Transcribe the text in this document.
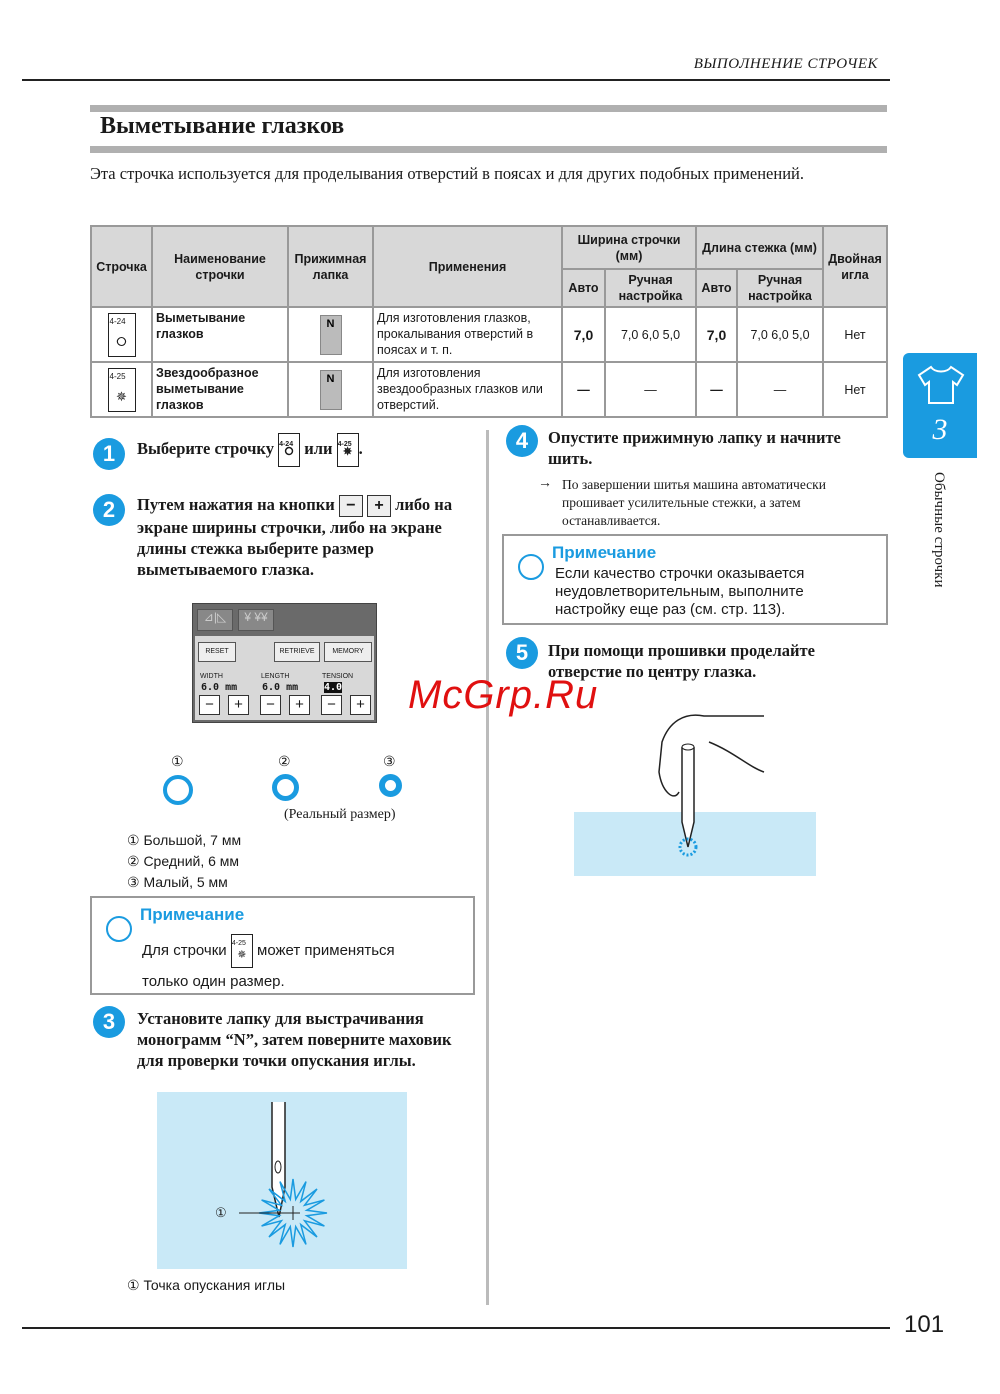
ВЫПОЛНЕНИЕ СТРОЧЕК
Выметывание глазков
Эта строчка используется для проделывания отверстий в поясах и для других подобных применений.
Строчка	Наименование строчки	Прижимная лапка	Применения	Ширина строчки (мм)		Длина стежка (мм)		Двойная игла
				Авто	Ручная настройка	Авто	Ручная настройка	

4-24
⭘	Выметывание глазков	N	Для изготовления глазков, прокалывания отверстий в поясах и т. п.	7,0	7,0 6,0 5,0	7,0	7,0 6,0 5,0	Нет

4-25
✵	Звездообразное выметывание глазков	N	Для изготовления звездообразных глазков или отверстий.	—	—	—	—	Нет
1	Выберите строчку 4-24
⭘ или 4-25
✵ .
2	Путем нажатия на кнопки − + либо на
экране ширины строчки, либо на экране длины стежка выберите размер выметываемого глазка.
⊿|◺	¥ ¥¥
RESET	RETRIEVE	MEMORY
WIDTH
6.0 mm
LENGTH
6.0 mm
TENSION
4.0
−	+	−	+	−	+
①	②	③
(Реальный размер)
① Большой, 7 мм
② Средний, 6 мм
③ Малый, 5 мм
Примечание
Для строчки 4-25
✵ может применяться
только один размер.
3	Установите лапку для выстрачивания монограмм “N”, затем поверните маховик для проверки точки опускания иглы.
①
① Точка опускания иглы
4	Опустите прижимную лапку и начните шить.
→ По завершении шитья машина автоматически прошивает усилительные стежки, а затем останавливается.
Примечание
Если качество строчки оказывается неудовлетворительным, выполните настройку еще раз (см. стр. 113).
5	При помощи прошивки проделайте отверстие по центру глазка.
McGrp.Ru
3
Обычные строчки
101
